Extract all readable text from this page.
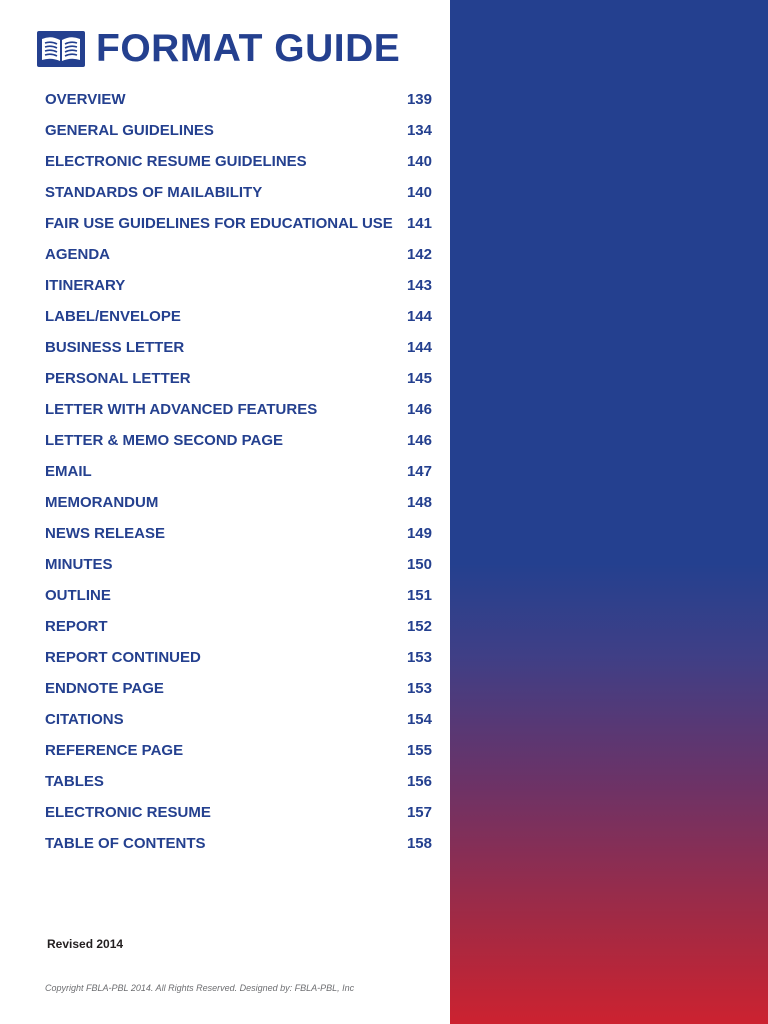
FORMAT GUIDE
OVERVIEW	139
GENERAL GUIDELINES	134
ELECTRONIC RESUME GUIDELINES	140
STANDARDS OF MAILABILITY	140
FAIR USE GUIDELINES FOR EDUCATIONAL USE 141
AGENDA	142
ITINERARY	143
LABEL/ENVELOPE	144
BUSINESS LETTER	144
PERSONAL LETTER	145
LETTER WITH ADVANCED FEATURES	146
LETTER & MEMO SECOND PAGE	146
EMAIL	147
MEMORANDUM	148
NEWS RELEASE	149
MINUTES	150
OUTLINE	151
REPORT	152
REPORT CONTINUED	153
ENDNOTE PAGE	153
CITATIONS	154
REFERENCE PAGE	155
TABLES	156
ELECTRONIC RESUME	157
TABLE OF CONTENTS	158
Revised 2014
Copyright FBLA-PBL 2014. All Rights Reserved. Designed by: FBLA-PBL, Inc
